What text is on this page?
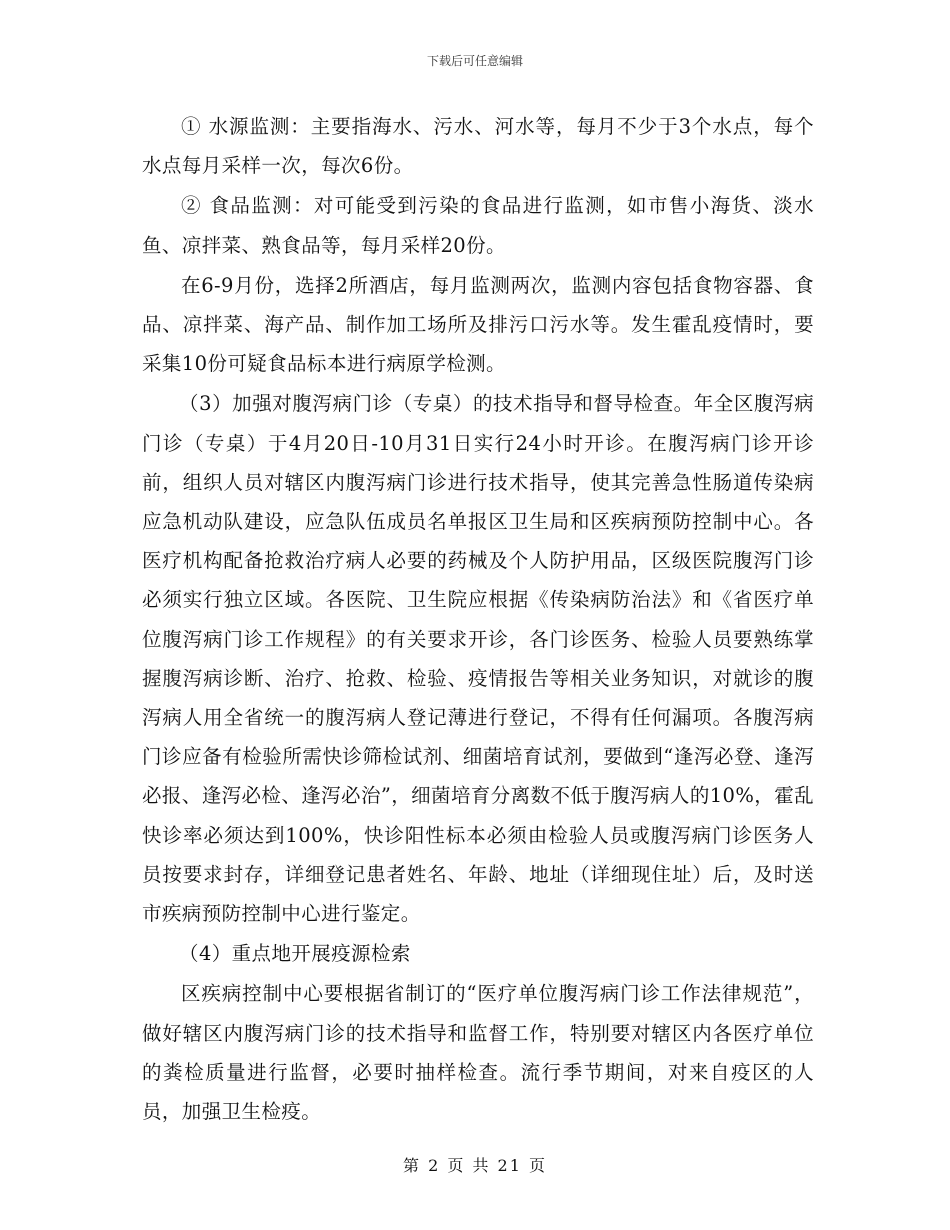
下载后可任意编辑

① 水源监测：主要指海水、污水、河水等，每月不少于3个水点，每个水点每月采样一次，每次6份。

② 食品监测：对可能受到污染的食品进行监测，如市售小海货、淡水鱼、凉拌菜、熟食品等，每月采样20份。

在6-9月份，选择2所酒店，每月监测两次，监测内容包括食物容器、食品、凉拌菜、海产品、制作加工场所及排污口污水等。发生霍乱疫情时，要采集10份可疑食品标本进行病原学检测。

（3）加强对腹泻病门诊（专桌）的技术指导和督导检查。年全区腹泻病门诊（专桌）于4月20日-10月31日实行24小时开诊。在腹泻病门诊开诊前，组织人员对辖区内腹泻病门诊进行技术指导，使其完善急性肠道传染病应急机动队建设，应急队伍成员名单报区卫生局和区疾病预防控制中心。各医疗机构配备抢救治疗病人必要的药械及个人防护用品，区级医院腹泻门诊必须实行独立区域。各医院、卫生院应根据《传染病防治法》和《省医疗单位腹泻病门诊工作规程》的有关要求开诊，各门诊医务、检验人员要熟练掌握腹泻病诊断、治疗、抢救、检验、疫情报告等相关业务知识，对就诊的腹泻病人用全省统一的腹泻病人登记薄进行登记，不得有任何漏项。各腹泻病门诊应备有检验所需快诊筛检试剂、细菌培育试剂，要做到“逢泻必登、逢泻必报、逢泻必检、逢泻必治”，细菌培育分离数不低于腹泻病人的10%，霍乱快诊率必须达到100%，快诊阳性标本必须由检验人员或腹泻病门诊医务人员按要求封存，详细登记患者姓名、年龄、地址（详细现住址）后，及时送市疾病预防控制中心进行鉴定。

（4）重点地开展疫源检索

区疾病控制中心要根据省制订的“医疗单位腹泻病门诊工作法律规范”，做好辖区内腹泻病门诊的技术指导和监督工作，特别要对辖区内各医疗单位的粪检质量进行监督，必要时抽样检查。流行季节期间，对来自疫区的人员，加强卫生检疫。

第 2 页 共 21 页
